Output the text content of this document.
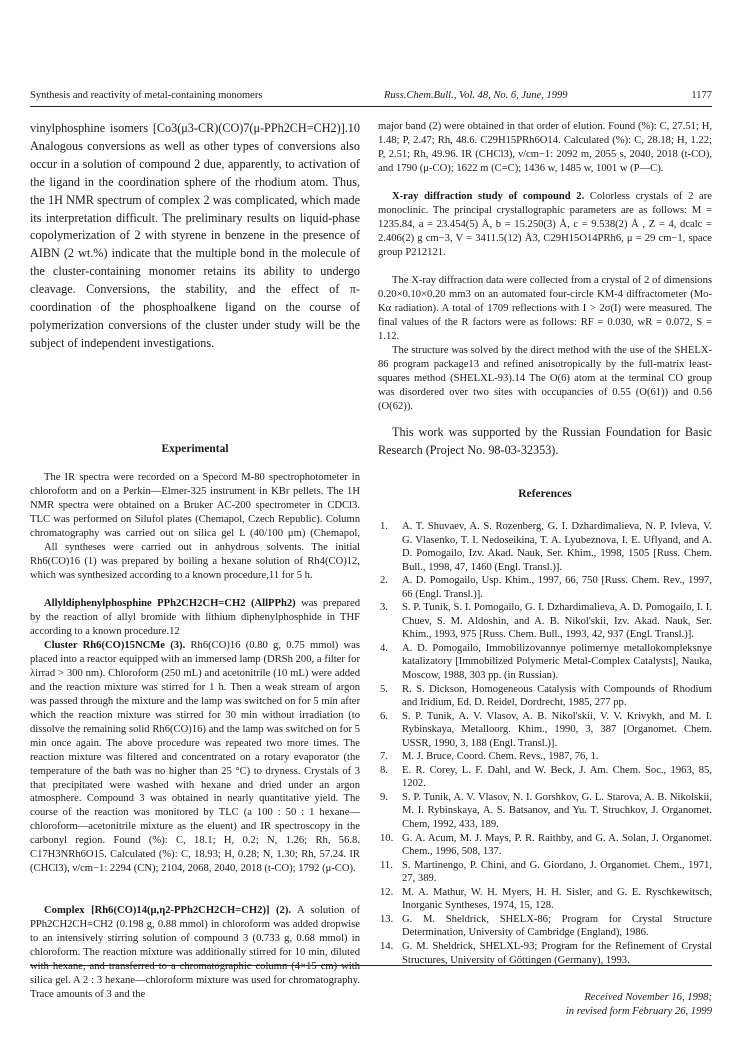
Synthesis and reactivity of metal-containing monomers	Russ.Chem.Bull., Vol. 48, No. 6, June, 1999	1177

vinylphosphine isomers [Co3(μ3-CR)(CO)7(μ-PPh2CH=CH2)].10 Analogous conversions as well as other types of conversions also occur in a solution of compound 2 due, apparently, to activation of the ligand in the coordination sphere of the rhodium atom. Thus, the 1H NMR spectrum of complex 2 was complicated, which made its interpretation difficult. The preliminary results on liquid-phase copolymerization of 2 with styrene in benzene in the presence of AIBN (2 wt.%) indicate that the multiple bond in the molecule of the cluster-containing monomer retains its ability to undergo cleavage. Conversions, the stability, and the effect of π-coordination of the phosphoalkene ligand on the course of polymerization conversions of the cluster under study will be the subject of independent investigations.

Experimental

The IR spectra were recorded on a Specord M-80 spectrophotometer in chloroform and on a Perkin—Elmer-325 instrument in KBr pellets. The 1H NMR spectra were obtained on a Bruker AC-200 spectrometer in CDCl3. TLC was performed on Silufol plates (Chemapol, Czech Republic). Column chromatography was carried out on silica gel L (40/100 μm) (Chemapol,

All syntheses were carried out in anhydrous solvents. The initial Rh6(CO)16 (1) was prepared by boiling a hexane solution of Rh4(CO)12, which was synthesized according to a known procedure,11 for 5 h.

Allyldiphenylphosphine PPh2CH2CH=CH2 (AllPPh2) was prepared by the reaction of allyl bromide with lithium diphenylphosphide in THF according to a known procedure.12

Cluster Rh6(CO)15NCMe (3). Rh6(CO)16 (0.80 g, 0.75 mmol) was placed into a reactor equipped with an immersed lamp (DRSh 200, a filter for λirrad > 300 nm). Chloroform (250 mL) and acetonitrile (10 mL) were added and the reaction mixture was stirred for 1 h. Then a weak stream of argon was passed through the mixture and the lamp was switched on for 5 min after which the reaction mixture was stirred for 30 min without irradiation (to dissolve the remaining solid Rh6(CO)16) and the lamp was switched on for 5 min once again. The above procedure was repeated two more times. The reaction mixture was filtered and concentrated on a rotary evaporator (the temperature of the bath was no higher than 25 °C) to dryness. Crystals of 3 that precipitated were washed with hexane and dried under an argon atmosphere. Compound 3 was obtained in nearly quantitative yield. The course of the reaction was monitored by TLC (a 100 : 50 : 1 hexane—chloroform—acetonitrile mixture as the eluent) and IR spectroscopy in the carbonyl region. Found (%): C, 18.1; H, 0.2; N, 1.26; Rh, 56.8. C17H3NRh6O15. Calculated (%): C, 18.93; H, 0.28; N, 1.30; Rh, 57.24. IR (CHCl3), ν/cm−1: 2294 (CN); 2104, 2068, 2040, 2018 (t-CO); 1792 (μ-CO).

Complex [Rh6(CO)14(μ,η2-PPh2CH2CH=CH2)] (2). A solution of PPh2CH2CH=CH2 (0.198 g, 0.88 mmol) in chloroform was added dropwise to an intensively stirring solution of compound 3 (0.733 g, 0.68 mmol) in chloroform. The reaction mixture was additionally stirred for 10 min, diluted with hexane, and transferred to a chromatographic column (4×15 cm) with silica gel. A 2 : 3 hexane—chloroform mixture was used for chromatography. Trace amounts of 3 and the

major band (2) were obtained in that order of elution. Found (%): C, 27.51; H, 1.48; P, 2.47; Rh, 48.6. C29H15PRh6O14. Calculated (%): C, 28.18; H, 1.22; P, 2.51; Rh, 49.96. IR (CHCl3), ν/cm−1: 2092 m, 2055 s, 2040, 2018 (t-CO), and 1790 (μ-CO); 1622 m (C=C); 1436 w, 1485 w, 1001 w (P—C).

X-ray diffraction study of compound 2. Colorless crystals of 2 are monoclinic. The principal crystallographic parameters are as follows: M = 1235.84, a = 23.454(5) Å, b = 15.250(3) Å, c = 9.538(2) Å , Z = 4, dcalc = 2.406(2) g cm−3, V = 3411.5(12) Å3, C29H15O14PRh6, μ = 29 cm−1, space group P212121.

The X-ray diffraction data were collected from a crystal of 2 of dimensions 0.20×0.10×0.20 mm3 on an automated four-circle KM-4 diffractometer (Mo-Kα radiation). A total of 1709 reflections with I > 2σ(I) were measured. The final values of the R factors were as follows: RF = 0.030, wR = 0.072, S = 1.12.

The structure was solved by the direct method with the use of the SHELX-86 program package13 and refined anisotropically by the full-matrix least-squares method (SHELXL-93).14 The O(6) atom at the terminal CO group was disordered over two sites with occupancies of 0.55 (O(61)) and 0.56 (O(62)).

This work was supported by the Russian Foundation for Basic Research (Project No. 98-03-32353).

References

1. A. T. Shuvaev, A. S. Rozenberg, G. I. Dzhardimalieva, N. P. Ivleva, V. G. Vlasenko, T. I. Nedoseikina, T. A. Lyubeznova, I. E. Uflyand, and A. D. Pomogailo, Izv. Akad. Nauk, Ser. Khim., 1998, 1505 [Russ. Chem. Bull., 1998, 47, 1460 (Engl. Transl.)].
2. A. D. Pomogailo, Usp. Khim., 1997, 66, 750 [Russ. Chem. Rev., 1997, 66 (Engl. Transl.)].
3. S. P. Tunik, S. I. Pomogailo, G. I. Dzhardimalieva, A. D. Pomogailo, I. I. Chuev, S. M. Aldoshin, and A. B. Nikol'skii, Izv. Akad. Nauk, Ser. Khim., 1993, 975 [Russ. Chem. Bull., 1993, 42, 937 (Engl. Transl.)].
4. A. D. Pomogailo, Immobilizovannye polimernye metallokompleksnye katalizatory [Immobilized Polymeric Metal-Complex Catalysts], Nauka, Moscow, 1988, 303 pp. (in Russian).
5. R. S. Dickson, Homogeneous Catalysis with Compounds of Rhodium and Iridium, Ed. D. Reidel, Dordrecht, 1985, 277 pp.
6. S. P. Tunik, A. V. Vlasov, A. B. Nikol'skii, V. V. Krivykh, and M. I. Rybinskaya, Metalloorg. Khim., 1990, 3, 387 [Organomet. Chem. USSR, 1990, 3, 188 (Engl. Transl.)].
7. M. J. Bruce, Coord. Chem. Revs., 1987, 76, 1.
8. E. R. Corey, L. F. Dahl, and W. Beck, J. Am. Chem. Soc., 1963, 85, 1202.
9. S. P. Tunik, A. V. Vlasov, N. I. Gorshkov, G. L. Starova, A. B. Nikolskii, M. I. Rybinskaya, A. S. Batsanov, and Yu. T. Struchkov, J. Organomet. Chem, 1992, 433, 189.
10. G. A. Acum, M. J. Mays, P. R. Raithby, and G. A. Solan, J. Organomet. Chem., 1996, 508, 137.
11. S. Martinengo, P. Chini, and G. Giordano, J. Organomet. Chem., 1971, 27, 389.
12. M. A. Mathur, W. H. Myers, H. H. Sisler, and G. E. Ryschkewitsch, Inorganic Syntheses, 1974, 15, 128.
13. G. M. Sheldrick, SHELX-86; Program for Crystal Structure Determination, University of Cambridge (England), 1986.
14. G. M. Sheldrick, SHELXL-93; Program for the Refinement of Crystal Structures, University of Göttingen (Germany), 1993.

Received November 16, 1998;

in revised form February 26, 1999
